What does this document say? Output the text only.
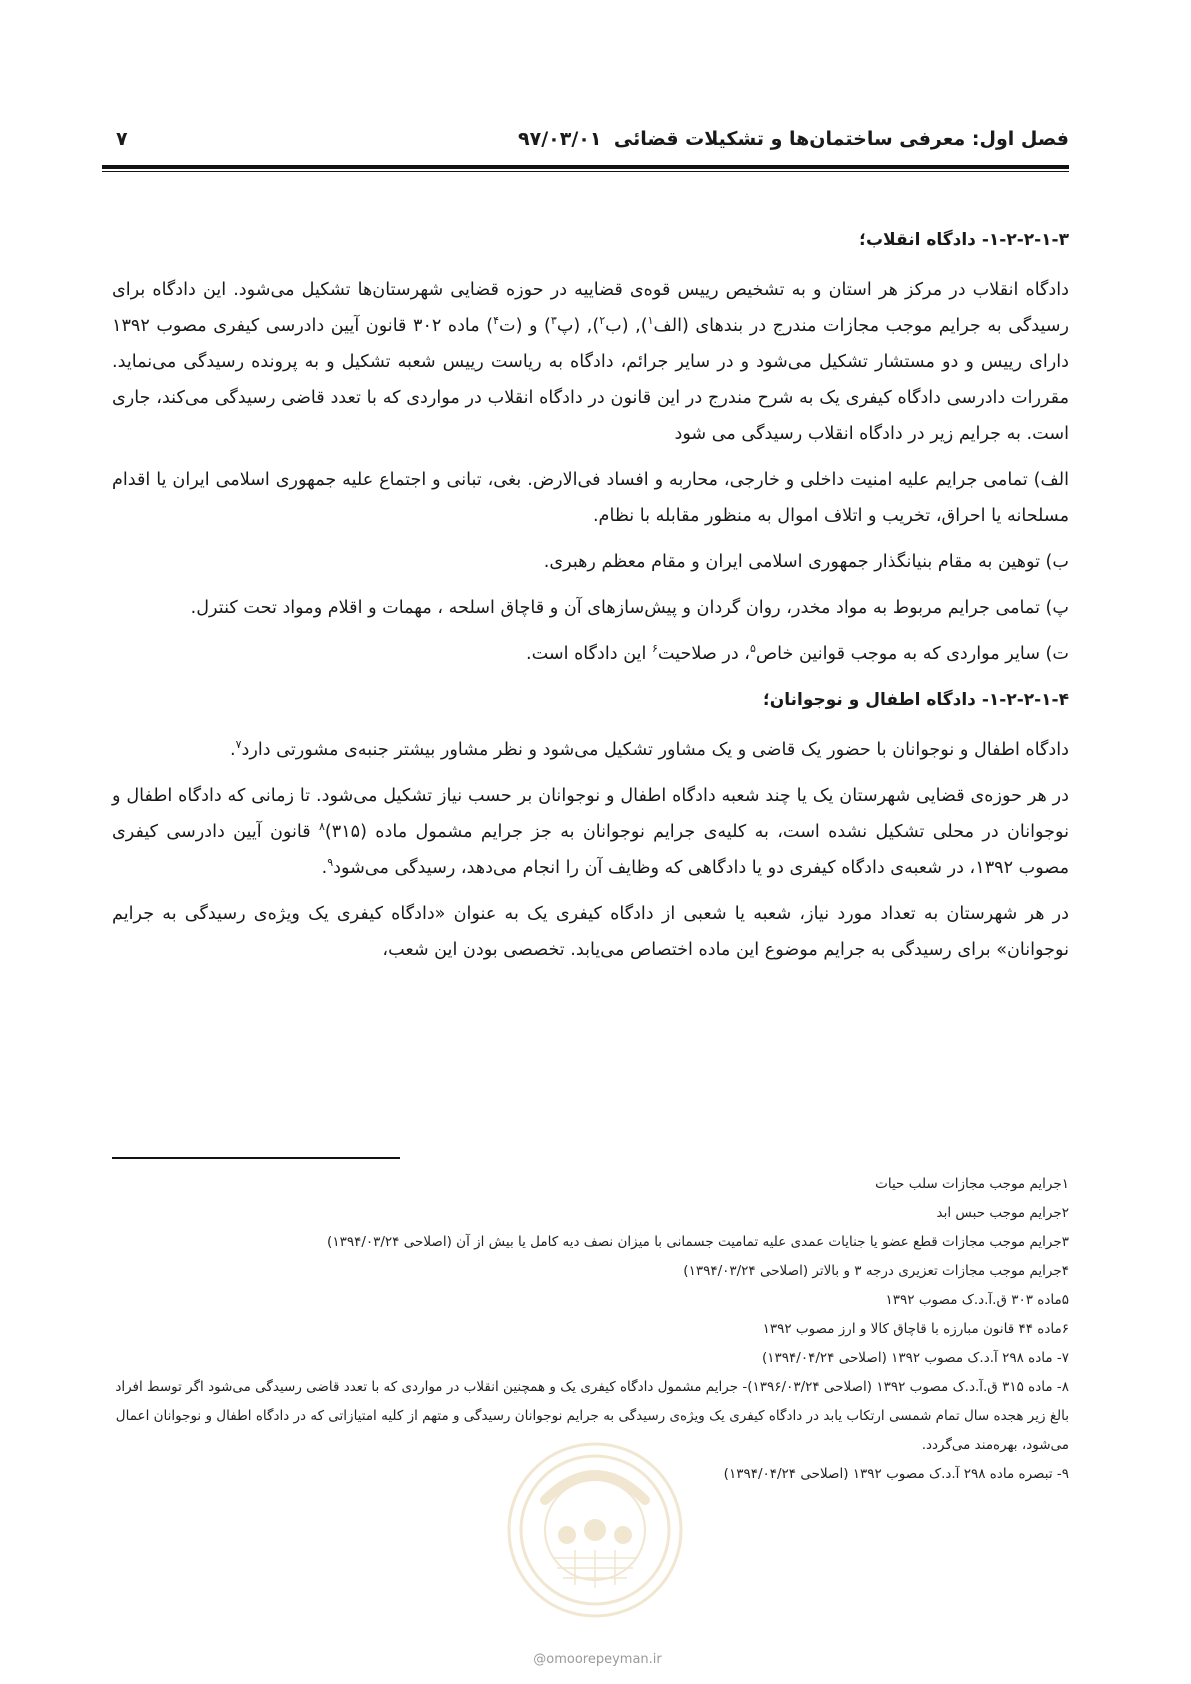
فصل اول: معرفی ساختمان‌ها و تشکیلات قضائی
۹۷/۰۳/۰۱
۷

۱-۲-۲-۱-۳- دادگاه انقلاب؛

دادگاه انقلاب در مرکز هر استان و به تشخیص رییس قوه‌ی قضاییه در حوزه قضایی شهرستان‌ها تشکیل می‌شود. این دادگاه برای رسیدگی به جرایم موجب مجازات مندرج در بندهای (الف$^۱$), (ب$^۲$), (پ$^۳$) و (ت$^۴$) ماده ۳۰۲ قانون آیین دادرسی کیفری مصوب ۱۳۹۲ دارای رییس و دو مستشار تشکیل می‌شود و در سایر جرائم، دادگاه به ریاست رییس شعبه تشکیل و به پرونده رسیدگی می‌نماید. مقررات دادرسی دادگاه کیفری یک به شرح مندرج در این قانون در دادگاه انقلاب در مواردی که با تعدد قاضی رسیدگی می‌کند، جاری است. به جرایم زیر در دادگاه انقلاب رسیدگی می شود

الف) تمامی جرایم علیه امنیت داخلی و خارجی، محاربه و افساد فی‌الارض. بغی، تبانی و اجتماع علیه جمهوری اسلامی ایران یا اقدام مسلحانه یا احراق، تخریب و اتلاف اموال به منظور مقابله با نظام.

ب) توهین به مقام بنیانگذار جمهوری اسلامی ایران و مقام معظم رهبری.

پ) تمامی جرایم مربوط به مواد مخدر، روان گردان و پیش‌سازهای آن و قاچاق اسلحه ، مهمات و اقلام ومواد تحت کنترل.

ت) سایر مواردی که به موجب قوانین خاص$^۵$، در صلاحیت$^۶$ این دادگاه است.

۱-۲-۲-۱-۴- دادگاه اطفال و نوجوانان؛

دادگاه اطفال و نوجوانان با حضور یک قاضی و یک مشاور تشکیل می‌شود و نظر مشاور بیشتر جنبه‌ی مشورتی دارد$^۷$.

در هر حوزه‌ی قضایی شهرستان یک یا چند شعبه دادگاه اطفال و نوجوانان بر حسب نیاز تشکیل می‌شود. تا زمانی که دادگاه اطفال و نوجوانان در محلی تشکیل نشده است، به کلیه‌ی جرایم نوجوانان به جز جرایم مشمول ماده (۳۱۵)$^۸$ قانون آیین دادرسی کیفری مصوب ۱۳۹۲، در شعبه‌ی دادگاه کیفری دو یا دادگاهی که وظایف آن را انجام می‌دهد، رسیدگی می‌شود$^۹$.

در هر شهرستان به تعداد مورد نیاز، شعبه یا شعبی از دادگاه کیفری یک به عنوان «دادگاه کیفری یک ویژه‌ی رسیدگی به جرایم نوجوانان» برای رسیدگی به جرایم موضوع این ماده اختصاص می‌یابد. تخصصی بودن این شعب،

۱جرایم موجب مجازات سلب حیات

۲جرایم موجب حبس ابد

۳جرایم موجب مجازات قطع عضو یا جنایات عمدی علیه تمامیت جسمانی با میزان نصف دیه کامل یا بیش از آن (اصلاحی ۱۳۹۴/۰۳/۲۴)

۴جرایم موجب مجازات تعزیری درجه ۳ و بالاتر (اصلاحی ۱۳۹۴/۰۳/۲۴)

۵ماده ۳۰۳ ق.آ.د.ک مصوب ۱۳۹۲

۶ماده ۴۴ قانون مبارزه با قاچاق کالا و ارز مصوب ۱۳۹۲

۷- ماده ۲۹۸ آ.د.ک مصوب ۱۳۹۲ (اصلاحی ۱۳۹۴/۰۴/۲۴)

۸- ماده ۳۱۵ ق.آ.د.ک مصوب ۱۳۹۲ (اصلاحی ۱۳۹۶/۰۳/۲۴)- جرایم مشمول دادگاه کیفری یک و همچنین انقلاب در مواردی که با تعدد قاضی رسیدگی می‌شود اگر توسط افراد بالغ زیر هجده سال تمام شمسی ارتکاب یابد در دادگاه کیفری یک ویژه‌ی رسیدگی به جرایم نوجوانان رسیدگی و متهم از کلیه امتیازاتی که در دادگاه اطفال و نوجوانان اعمال می‌شود، بهره‌مند می‌گردد.

۹- تبصره ماده ۲۹۸ آ.د.ک مصوب ۱۳۹۲ (اصلاحی ۱۳۹۴/۰۴/۲۴)

@omoorepeyman.ir
